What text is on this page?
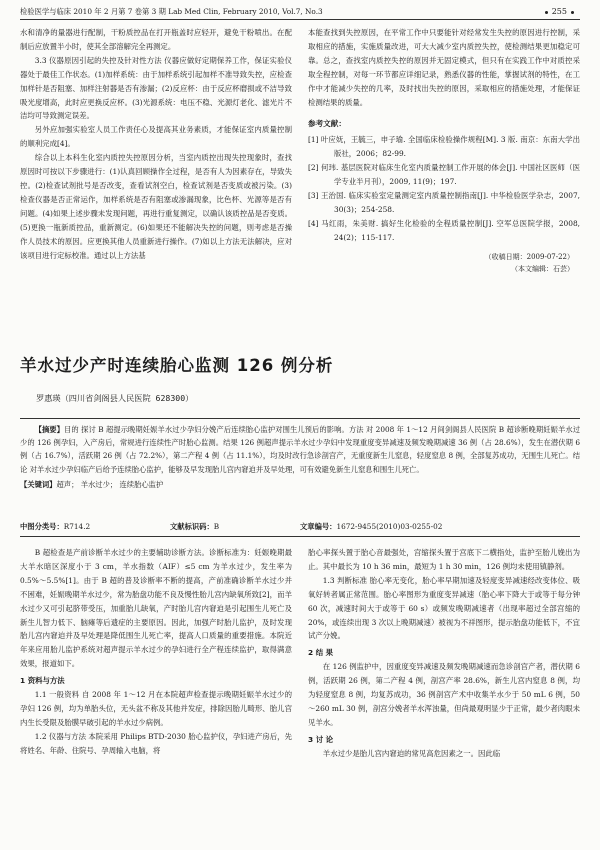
检验医学与临床 2010 年 2 月第 7 卷第 3 期 Lab Med Clin, February 2010, Vol.7, No.3	255

水和清净的量器进行配制，干粉质控品在打开瓶盖时应轻开，避免干粉喷出。在配制后应放置半小时，使其全部溶解完全再测定。

3.3 仪器原因引起的失控及针对性方法 仪器应做好定期保养工作，保证实验仪器处于最佳工作状态。(1)加样系统：由于加样系统引起加样不准导致失控，应检查加样针是否阻塞、加样注射器是否有渗漏；(2)反应杯：由于反应杯磨损或不洁导致吸光度增高，此时应更换反应杯。(3)光源系统：电压不稳、光源灯老化、滤光片不洁均可导致测定误差。

另外应加强实验室人员工作责任心及提高其业务素质，才能保证室内质量控制的顺利完成[4]。

综合以上本科生化室内质控失控原因分析，当室内质控出现失控现象时，查找原因时可按以下步骤进行：(1)认真回顾操作全过程，是否有人为因素存在，导致失控。(2)检查试剂批号是否改变，查看试剂空白，检查试剂是否变质或被污染。(3)检查仪器是否正常运作，加样系统是否有阻塞或渗漏现象，比色杯、光源等是否有问题。(4)如果上述步骤未发现问题，再进行重复测定，以确认该质控品是否变质。(5)更换一瓶新质控品，重新测定。(6)如果还不能解决失控的问题，则考虑是否操作人员技术的原因。应更换其他人员重新进行操作。(7)如以上方法无法解决，应对该项目进行定标校准。通过以上方法基

本能查找到失控原因，在平常工作中只要能针对经常发生失控的原因进行控制，采取相应的措施，实施质量改进，可大大减少室内质控失控，使检测结果更加稳定可靠。总之，查找室内质控失控的原因并无固定模式，但只有在实践工作中对质控采取全程控制，对每一环节都应详细记录，熟悉仪器的性能，掌握试剂的特性，在工作中才能减少失控的几率，及时找出失控的原因，采取相应的措施处理，才能保证检测结果的质量。

参考文献：
[1] 叶应妩，王毓三，申子瑜. 全国临床检验操作规程[M]. 3 版. 南京：东南大学出版社，2006；82-99.
[2] 何玮. 基层医院对临床生化室内质量控制工作开展的体会[J]. 中国社区医师（医学专业半月刊），2009, 11(9)；197.
[3] 王治国. 临床实验室定量测定室内质量控制指南[J]. 中华检验医学杂志，2007, 30(3)；254-258.
[4] 马红雨，朱美财. 搞好生化检验的全程质量控制[J]. 空军总医院学报，2008, 24(2)；115-117.
（收稿日期：2009-07-22）
（本文编辑：石芸）
羊水过少产时连续胎心监测 126 例分析
罗惠瑛（四川省剑阁县人民医院 628300）

【摘要】目的 探讨 B 超提示晚期妊娠羊水过少孕妇分娩产后连续胎心监护对围生儿预后的影响。方法 对 2008 年 1～12 月间剑阁县人民医院 B 超诊断晚期妊娠羊水过少的 126 例孕妇，入产房后，常规进行连续性产时胎心监测。结果 126 例超声提示羊水过少孕妇中发现重度变异减速及频发晚期减速 36 例（占 28.6%），发生在潜伏期 6 例（占 16.7%），活跃期 26 例（占 72.2%），第二产程 4 例（占 11.1%），均及时改行急诊剖宫产，无重度新生儿窒息，轻度窒息 8 例，全部复苏成功，无围生儿死亡。结论 对羊水过少孕妇临产后给予连续胎心监护，能够及早发现胎儿宫内窘迫并及早处理，可有效避免新生儿窒息和围生儿死亡。

【关键词】超声； 羊水过少； 连续胎心监护
中图分类号：R714.2	文献标识码：B	文章编号：1672-9455(2010)03-0255-02

B 超检查是产前诊断羊水过少的主要辅助诊断方法。诊断标准为：妊娠晚期最大羊水暗区深度小于 3 cm，羊水指数（AIF）≤5 cm 为羊水过少，发生率为 0.5%～5.5%[1]。由于 B 超的普及诊断率不断的提高，产前准确诊断羊水过少并不困难，妊娠晚期羊水过少，常为胎盘功能不良及慢性胎儿宫内缺氧所致[2]，而羊水过少又可引起脐带受压，加重胎儿缺氧，产时胎儿宫内窘迫是引起围生儿死亡及新生儿智力低下、脑瘫等后遗症的主要原因。因此，加强产时胎儿监护，及时发现胎儿宫内窘迫并及早处理是降低围生儿死亡率，提高人口质量的重要措施。本院近年来应用胎儿监护系统对超声提示羊水过少的孕妇进行全产程连续监护，取得满意效果，报道如下。

1 资料与方法

1.1 一般资料 自 2008 年 1～12 月在本院超声检查提示晚期妊娠羊水过少的孕妇 126 例，均为单胎头位，无头盆不称及其他并发症，排除因胎儿畸形、胎儿宫内生长受限及胎膜早破引起的羊水过少病例。

1.2 仪器与方法 本院采用 Philips BTD-2030 胎心监护仪，孕妇进产房后，先将姓名、年龄、住院号、孕周输入电脑，将

胎心率探头置于胎心音最强处，宫缩探头置于宫底下二横指处，监护至胎儿娩出为止。其中最长为 10 h 36 min，最短为 1 h 30 min，126 例均未使用镇静剂。

1.3 判断标准 胎心率无变化，胎心率早期加速及轻度变异减速经改变体位、吸氧好转者属正常范围。胎心率图形为重度变异减速（胎心率下降大于或等于每分钟 60 次，减速时间大于或等于 60 s）或频发晚期减速者（出现率超过全部宫缩的 20%，或连续出现 3 次以上晚期减速）被视为不祥图形，提示胎盘功能低下，不宜试产分娩。

2 结 果

在 126 例监护中，因重度变异减速及频发晚期减速而急诊剖宫产者，潜伏期 6 例，活跃期 26 例，第二产程 4 例，剖宫产率 28.6%，新生儿宫内窒息 8 例，均为轻度窒息 8 例，均复苏成功，36 例剖宫产术中收集羊水少于 50 mL 6 例，50～260 mL 30 例，剖宫分娩者羊水浑浊量，但尚最观明显少于正常，最少者肉眼未见羊水。

3 讨 论

羊水过少是胎儿宫内窘迫的常见高危因素之一。因此临
